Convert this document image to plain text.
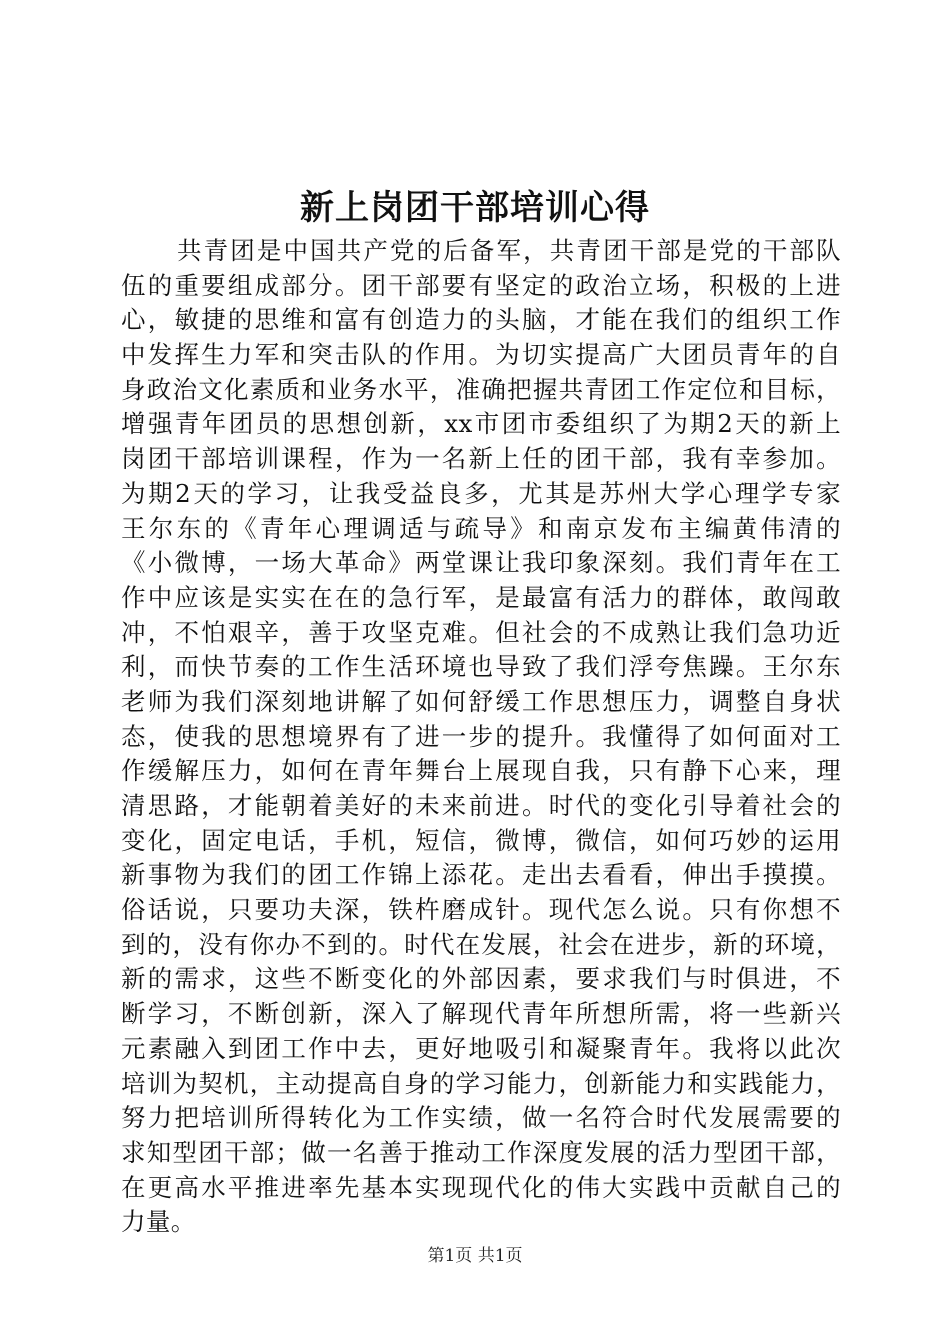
新上岗团干部培训心得
共青团是中国共产党的后备军，共青团干部是党的干部队
伍的重要组成部分。团干部要有坚定的政治立场，积极的上进
心，敏捷的思维和富有创造力的头脑，才能在我们的组织工作
中发挥生力军和突击队的作用。为切实提高广大团员青年的自
身政治文化素质和业务水平，准确把握共青团工作定位和目标，
增强青年团员的思想创新，xx市团市委组织了为期2天的新上
岗团干部培训课程，作为一名新上任的团干部，我有幸参加。
为期2天的学习，让我受益良多，尤其是苏州大学心理学专家
王尔东的《青年心理调适与疏导》和南京发布主编黄伟清的
《小微博，一场大革命》两堂课让我印象深刻。我们青年在工
作中应该是实实在在的急行军，是最富有活力的群体，敢闯敢
冲，不怕艰辛，善于攻坚克难。但社会的不成熟让我们急功近
利，而快节奏的工作生活环境也导致了我们浮夸焦躁。王尔东
老师为我们深刻地讲解了如何舒缓工作思想压力，调整自身状
态，使我的思想境界有了进一步的提升。我懂得了如何面对工
作缓解压力，如何在青年舞台上展现自我，只有静下心来，理
清思路，才能朝着美好的未来前进。时代的变化引导着社会的
变化，固定电话，手机，短信，微博，微信，如何巧妙的运用
新事物为我们的团工作锦上添花。走出去看看，伸出手摸摸。
俗话说，只要功夫深，铁杵磨成针。现代怎么说。只有你想不
到的，没有你办不到的。时代在发展，社会在进步，新的环境，
新的需求，这些不断变化的外部因素，要求我们与时俱进，不
断学习，不断创新，深入了解现代青年所想所需，将一些新兴
元素融入到团工作中去，更好地吸引和凝聚青年。我将以此次
培训为契机，主动提高自身的学习能力，创新能力和实践能力，
努力把培训所得转化为工作实绩，做一名符合时代发展需要的
求知型团干部；做一名善于推动工作深度发展的活力型团干部，
在更高水平推进率先基本实现现代化的伟大实践中贡献自己的
力量。
第1页 共1页
